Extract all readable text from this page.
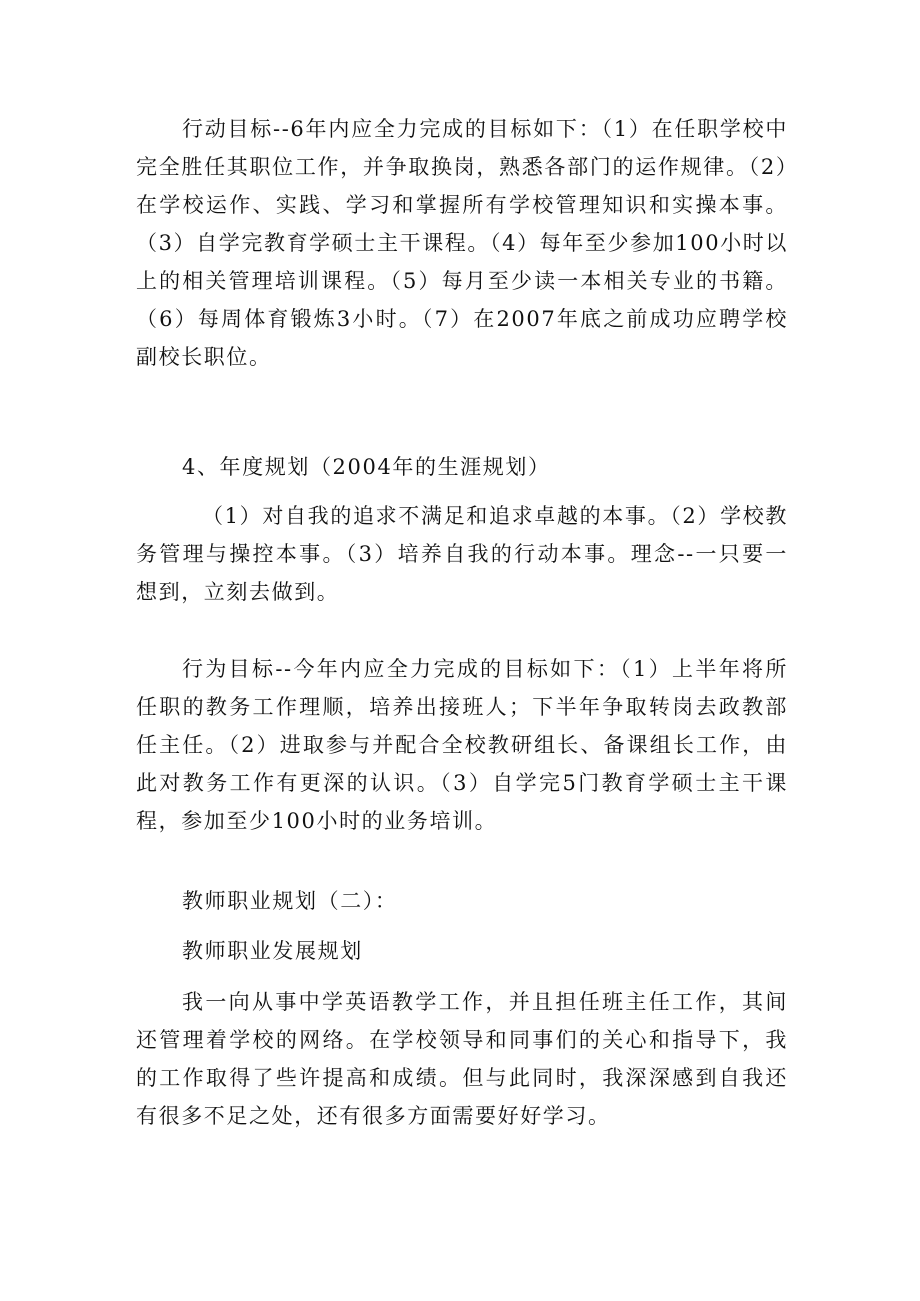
行动目标--6年内应全力完成的目标如下：（1）在任职学校中完全胜任其职位工作，并争取换岗，熟悉各部门的运作规律。（2）在学校运作、实践、学习和掌握所有学校管理知识和实操本事。（3）自学完教育学硕士主干课程。（4）每年至少参加100小时以上的相关管理培训课程。（5）每月至少读一本相关专业的书籍。（6）每周体育锻炼3小时。（7）在2007年底之前成功应聘学校副校长职位。

4、年度规划（2004年的生涯规划）

（1）对自我的追求不满足和追求卓越的本事。（2）学校教务管理与操控本事。（3）培养自我的行动本事。理念--一只要一想到，立刻去做到。

行为目标--今年内应全力完成的目标如下：（1）上半年将所任职的教务工作理顺，培养出接班人；下半年争取转岗去政教部任主任。（2）进取参与并配合全校教研组长、备课组长工作，由此对教务工作有更深的认识。（3）自学完5门教育学硕士主干课程，参加至少100小时的业务培训。

教师职业规划（二）：

教师职业发展规划

我一向从事中学英语教学工作，并且担任班主任工作，其间还管理着学校的网络。在学校领导和同事们的关心和指导下，我的工作取得了些许提高和成绩。但与此同时，我深深感到自我还有很多不足之处，还有很多方面需要好好学习。
